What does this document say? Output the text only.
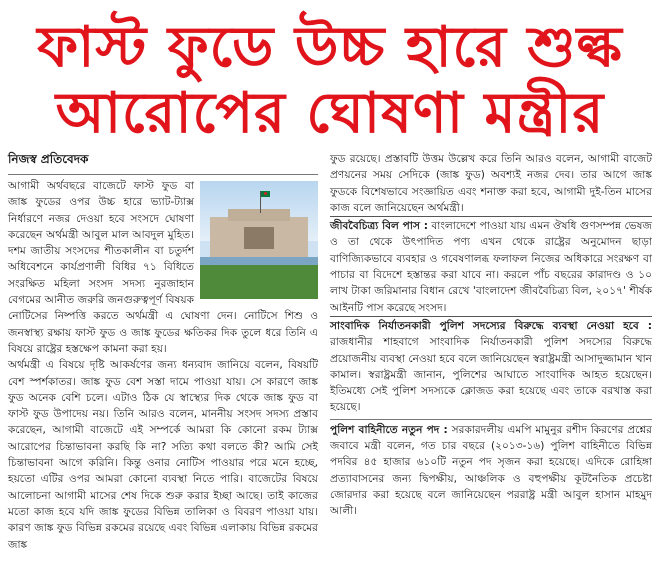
ফাস্ট ফুডে উচ্চ হারে শুল্ক
আরোপের ঘোষণা মন্ত্রীর
নিজস্ব প্রতিবেদক

আগামী অর্থবছরে বাজেটে ফাস্ট ফুড বা জাঙ্ক ফুডের ওপর উচ্চ হারে ভ্যাট-ট্যাক্স নির্ধারণে নজর দেওয়া হবে সংসদে ঘোষণা করেছেন অর্থমন্ত্রী আবুল মাল আবদুল মুহিত। দশম জাতীয় সংসদের শীতকালীন বা চতুর্দশ অধিবেশনে কার্যপ্রণালী বিধির ৭১ বিধিতে সংরক্ষিত মহিলা সংসদ সদস্য নুরজাহান বেগমের আনীত জরুরি জনগুরুত্বপূর্ণ বিষয়ক নোটিসের নিষ্পত্তি করতে অর্থমন্ত্রী এ ঘোষণা দেন। নোটিসে শিশু ও জনস্বাস্থ্য রক্ষায় ফাস্ট ফুড ও জাঙ্ক ফুডের ক্ষতিকর দিক তুলে ধরে তিনি এ বিষয়ে রাষ্ট্রের হস্তক্ষেপ কামনা করা হয়।

অর্থমন্ত্রী এ বিষয়ে দৃষ্টি আকর্ষণের জন্য ধন্যবাদ জানিয়ে বলেন, বিষয়টি বেশ স্পর্শকাতর। জাঙ্ক ফুড বেশ সস্তা দামে পাওয়া যায়। সে কারণে জাঙ্ক ফুড অনেক বেশি চলে। এটাও ঠিক যে স্বাস্থ্যের দিক থেকে জাঙ্ক ফুড বা ফাস্ট ফুড উপাদেয় নয়। তিনি আরও বলেন, মাননীয় সংসদ সদস্য প্রস্তাব করেছেন, আগামী বাজেটে এই সম্পর্কে আমরা কি কোনো রকম ট্যাক্স আরোপের চিন্তাভাবনা করছি কি না? সত্যি কথা বলতে কী? আমি সেই চিন্তাভাবনা আগে করিনি। কিন্তু ওনার নোটিস পাওয়ার পরে মনে হচ্ছে, হয়তো এটির ওপর আমরা কোনো ব্যবস্থা নিতে পারি। বাজেটের বিষয়ে আলোচনা আগামী মাসের শেষ দিকে শুরু করার ইচ্ছা আছে। তাই কাজের মতো কাজ হবে যদি জাঙ্ক ফুডের বিভিন্ন তালিকা ও বিবরণ পাওয়া যায়। কারণ জাঙ্ক ফুড বিভিন্ন রকমের রয়েছে এবং বিভিন্ন এলাকায় বিভিন্ন রকমের জাঙ্ক

ফুড রয়েছে। প্রস্তাবটি উত্তম উল্লেখ করে তিনি আরও বলেন, আগামী বাজেট প্রণয়নের সময় সেদিকে (জাঙ্ক ফুড) অবশ্যই নজর দেব। তার আগে জাঙ্ক ফুডকে বিশেষভাবে সংজ্ঞায়িত এবং শনাক্ত করা হবে, আগামী দুই-তিন মাসের কাজ বলে জানিয়েছেন অর্থমন্ত্রী।

জীববৈচিত্র্য বিল পাস : বাংলাদেশে পাওয়া যায় এমন ঔষধি গুণসম্পন্ন ভেষজ ও তা থেকে উৎপাদিত পণ্য এখন থেকে রাষ্ট্রের অনুমোদন ছাড়া বাণিজ্যিকভাবে ব্যবহার ও গবেষণালব্ধ ফলাফল নিজের অধিকারে সংরক্ষণ বা পাচার বা বিদেশে হস্তান্তর করা যাবে না। করলে পাঁচ বছরের কারাদণ্ড ও ১০ লাখ টাকা জরিমানার বিধান রেখে 'বাংলাদেশ জীববৈচিত্র্য বিল, ২০১৭' শীর্ষক আইনটি পাস করেছে সংসদ।

সাংবাদিক নির্যাতনকারী পুলিশ সদস্যের বিরুদ্ধে ব্যবস্থা নেওয়া হবে : রাজধানীর শাহবাগে সাংবাদিক নির্যাতনকারী পুলিশ সদস্যের বিরুদ্ধে প্রয়োজনীয় ব্যবস্থা নেওয়া হবে বলে জানিয়েছেন স্বরাষ্ট্রমন্ত্রী আসাদুজ্জামান খান কামাল। স্বরাষ্ট্রমন্ত্রী জানান, পুলিশের আঘাতে সাংবাদিক আহত হয়েছেন। ইতিমধ্যে সেই পুলিশ সদস্যকে ক্লোজড করা হয়েছে এবং তাকে বরখাস্ত করা হয়েছে।

পুলিশ বাহিনীতে নতুন পদ : সরকারদলীয় এমপি মামুনুর রশীদ কিরণের প্রশ্নের জবাবে মন্ত্রী বলেন, গত চার বছরে (২০১৩-১৬) পুলিশ বাহিনীতে বিভিন্ন পদবির ৪৫ হাজার ৬১০টি নতুন পদ সৃজন করা হয়েছে। এদিকে রোহিঙ্গা প্রত্যাবাসনের জন্য দ্বিপক্ষীয়, আঞ্চলিক ও বহুপক্ষীয় কূটনৈতিক প্রচেষ্টা জোরদার করা হয়েছে বলে জানিয়েছেন পররাষ্ট্র মন্ত্রী আবুল হাসান মাহমুদ আলী।
